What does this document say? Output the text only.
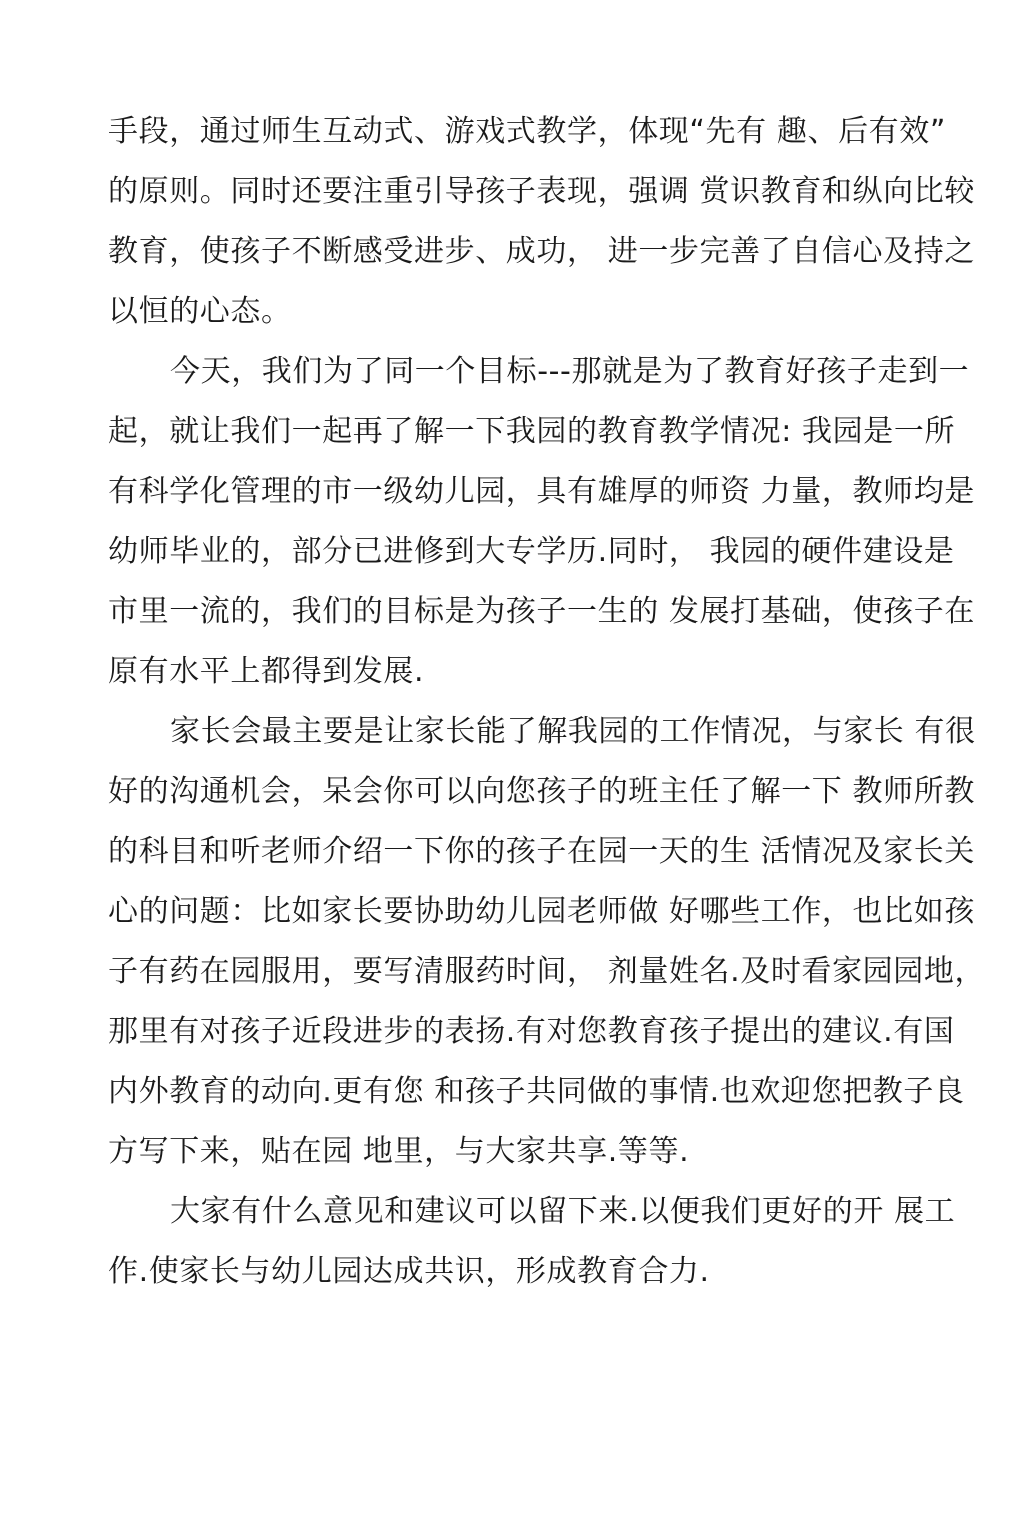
手段，通过师生互动式、游戏式教学，体现“先有 趣、后有效”
的原则。同时还要注重引导孩子表现，强调 赏识教育和纵向比较
教育，使孩子不断感受进步、成功， 进一步完善了自信心及持之
以恒的心态。
今天，我们为了同一个目标---那就是为了教育好孩子走到一
起，就让我们一起再了解一下我园的教育教学情况: 我园是一所
有科学化管理的市一级幼儿园，具有雄厚的师资 力量，教师均是
幼师毕业的，部分已进修到大专学历.同时， 我园的硬件建设是
市里一流的，我们的目标是为孩子一生的 发展打基础，使孩子在
原有水平上都得到发展.
家长会最主要是让家长能了解我园的工作情况，与家长 有很
好的沟通机会，呆会你可以向您孩子的班主任了解一下 教师所教
的科目和听老师介绍一下你的孩子在园一天的生 活情况及家长关
心的问题：比如家长要协助幼儿园老师做 好哪些工作，也比如孩
子有药在园服用，要写清服药时间， 剂量姓名.及时看家园园地，
那里有对孩子近段进步的表扬.有对您教育孩子提出的建议.有国
内外教育的动向.更有您 和孩子共同做的事情.也欢迎您把教子良
方写下来，贴在园 地里，与大家共享.等等.
大家有什么意见和建议可以留下来.以便我们更好的开 展工
作.使家长与幼儿园达成共识，形成教育合力.
